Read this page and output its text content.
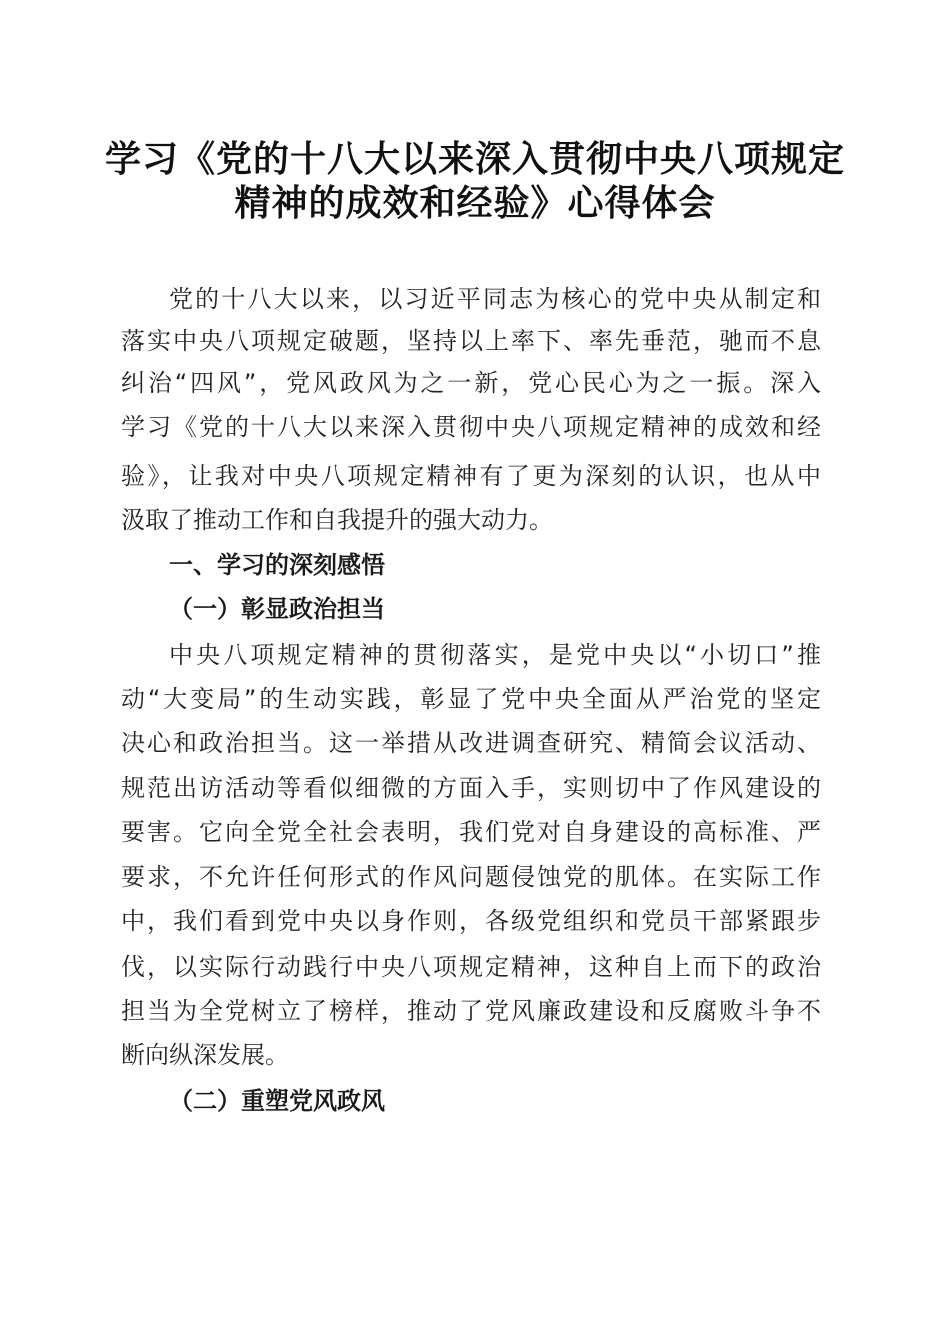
学习《党的十八大以来深入贯彻中央八项规定
精神的成效和经验》心得体会
党的十八大以来，以习近平同志为核心的党中央从制定和
落实中央八项规定破题，坚持以上率下、率先垂范，驰而不息
纠治“四风”，党风政风为之一新，党心民心为之一振。深入
学习《党的十八大以来深入贯彻中央八项规定精神的成效和经
验》，让我对中央八项规定精神有了更为深刻的认识，也从中
汲取了推动工作和自我提升的强大动力。
一、学习的深刻感悟
（一）彰显政治担当
中央八项规定精神的贯彻落实，是党中央以“小切口”推
动“大变局”的生动实践，彰显了党中央全面从严治党的坚定
决心和政治担当。这一举措从改进调查研究、精简会议活动、
规范出访活动等看似细微的方面入手，实则切中了作风建设的
要害。它向全党全社会表明，我们党对自身建设的高标准、严
要求，不允许任何形式的作风问题侵蚀党的肌体。在实际工作
中，我们看到党中央以身作则，各级党组织和党员干部紧跟步
伐，以实际行动践行中央八项规定精神，这种自上而下的政治
担当为全党树立了榜样，推动了党风廉政建设和反腐败斗争不
断向纵深发展。
（二）重塑党风政风
